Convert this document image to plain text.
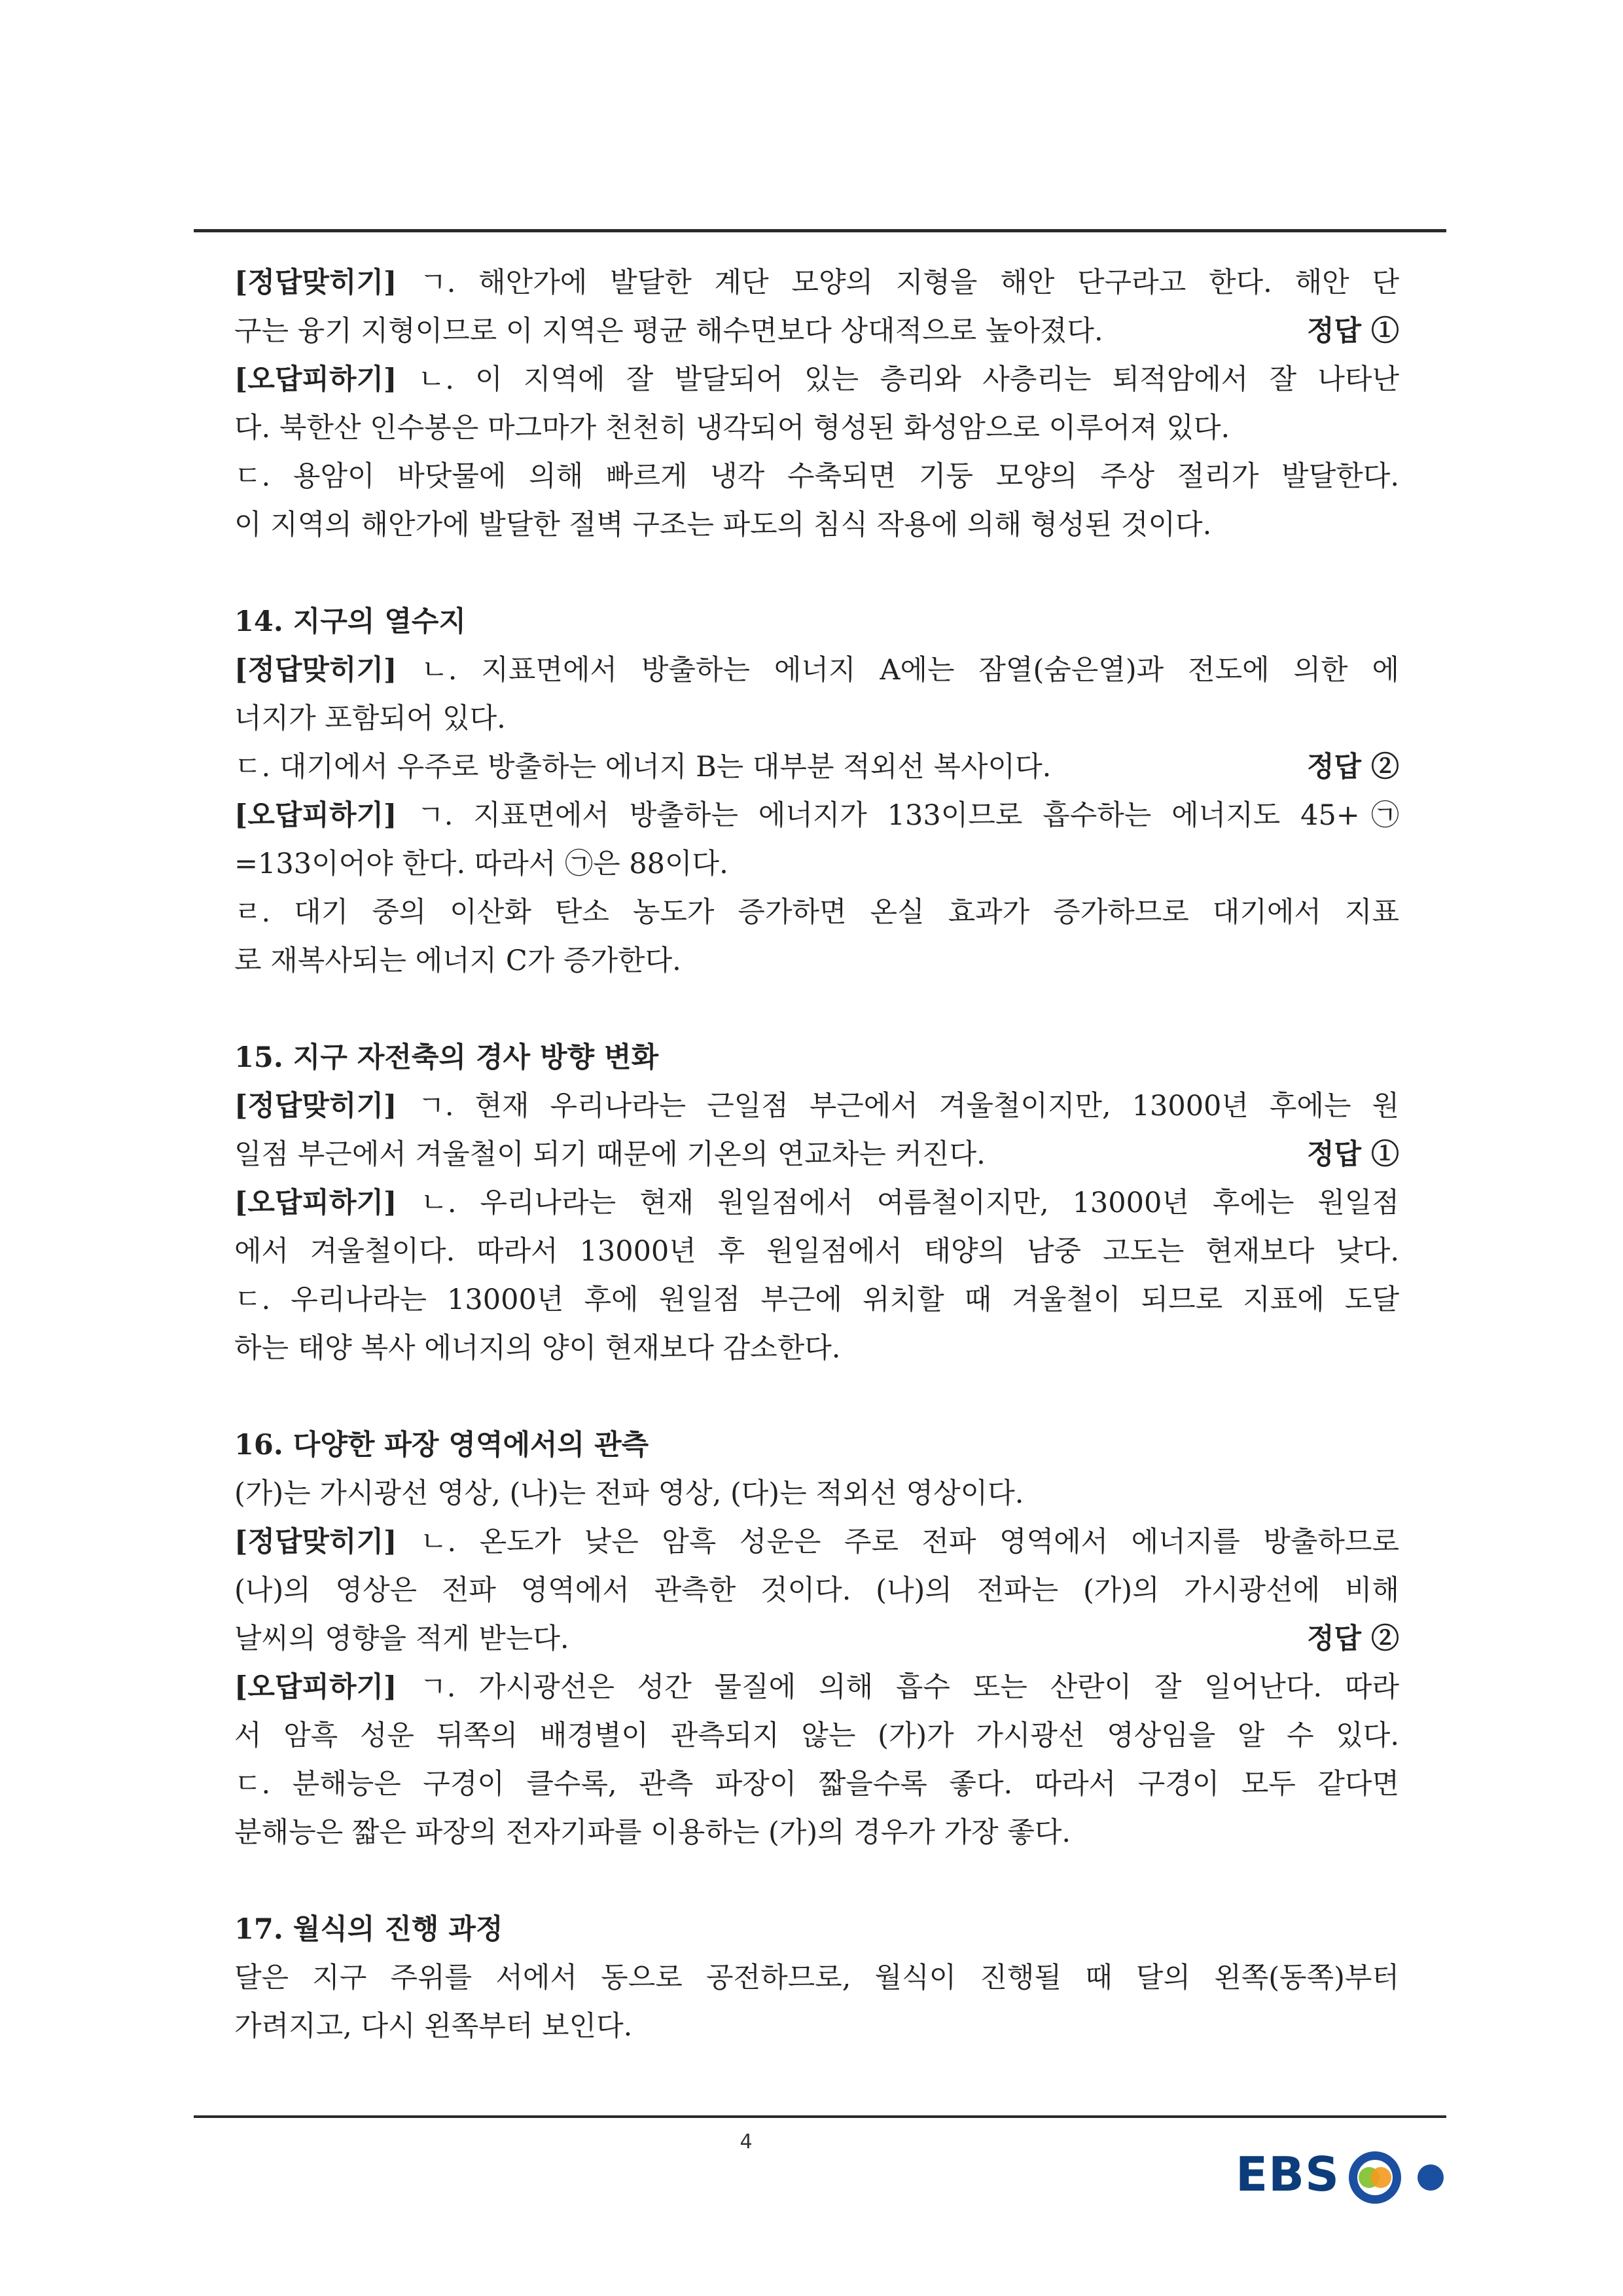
[정답맞히기] ㄱ. 해안가에 발달한 계단 모양의 지형을 해안 단구라고 한다. 해안 단
정답 ①
구는 융기 지형이므로 이 지역은 평균 해수면보다 상대적으로 높아졌다.
[오답피하기] ㄴ. 이 지역에 잘 발달되어 있는 층리와 사층리는 퇴적암에서 잘 나타난
다. 북한산 인수봉은 마그마가 천천히 냉각되어 형성된 화성암으로 이루어져 있다.
ㄷ. 용암이 바닷물에 의해 빠르게 냉각 수축되면 기둥 모양의 주상 절리가 발달한다.
이 지역의 해안가에 발달한 절벽 구조는 파도의 침식 작용에 의해 형성된 것이다.
14. 지구의 열수지
[정답맞히기] ㄴ. 지표면에서 방출하는 에너지 A에는 잠열(숨은열)과 전도에 의한 에
너지가 포함되어 있다.
정답 ②
ㄷ. 대기에서 우주로 방출하는 에너지 B는 대부분 적외선 복사이다.
[오답피하기] ㄱ. 지표면에서 방출하는 에너지가 133이므로 흡수하는 에너지도 45+㉠
=133이어야 한다. 따라서 ㉠은 88이다.
ㄹ. 대기 중의 이산화 탄소 농도가 증가하면 온실 효과가 증가하므로 대기에서 지표
로 재복사되는 에너지 C가 증가한다.
15. 지구 자전축의 경사 방향 변화
[정답맞히기] ㄱ. 현재 우리나라는 근일점 부근에서 겨울철이지만, 13000년 후에는 원
정답 ①
일점 부근에서 겨울철이 되기 때문에 기온의 연교차는 커진다.
[오답피하기] ㄴ. 우리나라는 현재 원일점에서 여름철이지만, 13000년 후에는 원일점
에서 겨울철이다. 따라서 13000년 후 원일점에서 태양의 남중 고도는 현재보다 낮다.
ㄷ. 우리나라는 13000년 후에 원일점 부근에 위치할 때 겨울철이 되므로 지표에 도달
하는 태양 복사 에너지의 양이 현재보다 감소한다.
16. 다양한 파장 영역에서의 관측
(가)는 가시광선 영상, (나)는 전파 영상, (다)는 적외선 영상이다.
[정답맞히기] ㄴ. 온도가 낮은 암흑 성운은 주로 전파 영역에서 에너지를 방출하므로
(나)의 영상은 전파 영역에서 관측한 것이다. (나)의 전파는 (가)의 가시광선에 비해
정답 ②
날씨의 영향을 적게 받는다.
[오답피하기] ㄱ. 가시광선은 성간 물질에 의해 흡수 또는 산란이 잘 일어난다. 따라
서 암흑 성운 뒤쪽의 배경별이 관측되지 않는 (가)가 가시광선 영상임을 알 수 있다.
ㄷ. 분해능은 구경이 클수록, 관측 파장이 짧을수록 좋다. 따라서 구경이 모두 같다면
분해능은 짧은 파장의 전자기파를 이용하는 (가)의 경우가 가장 좋다.
17. 월식의 진행 과정
달은 지구 주위를 서에서 동으로 공전하므로, 월식이 진행될 때 달의 왼쪽(동쪽)부터
가려지고, 다시 왼쪽부터 보인다.
4
EBS
